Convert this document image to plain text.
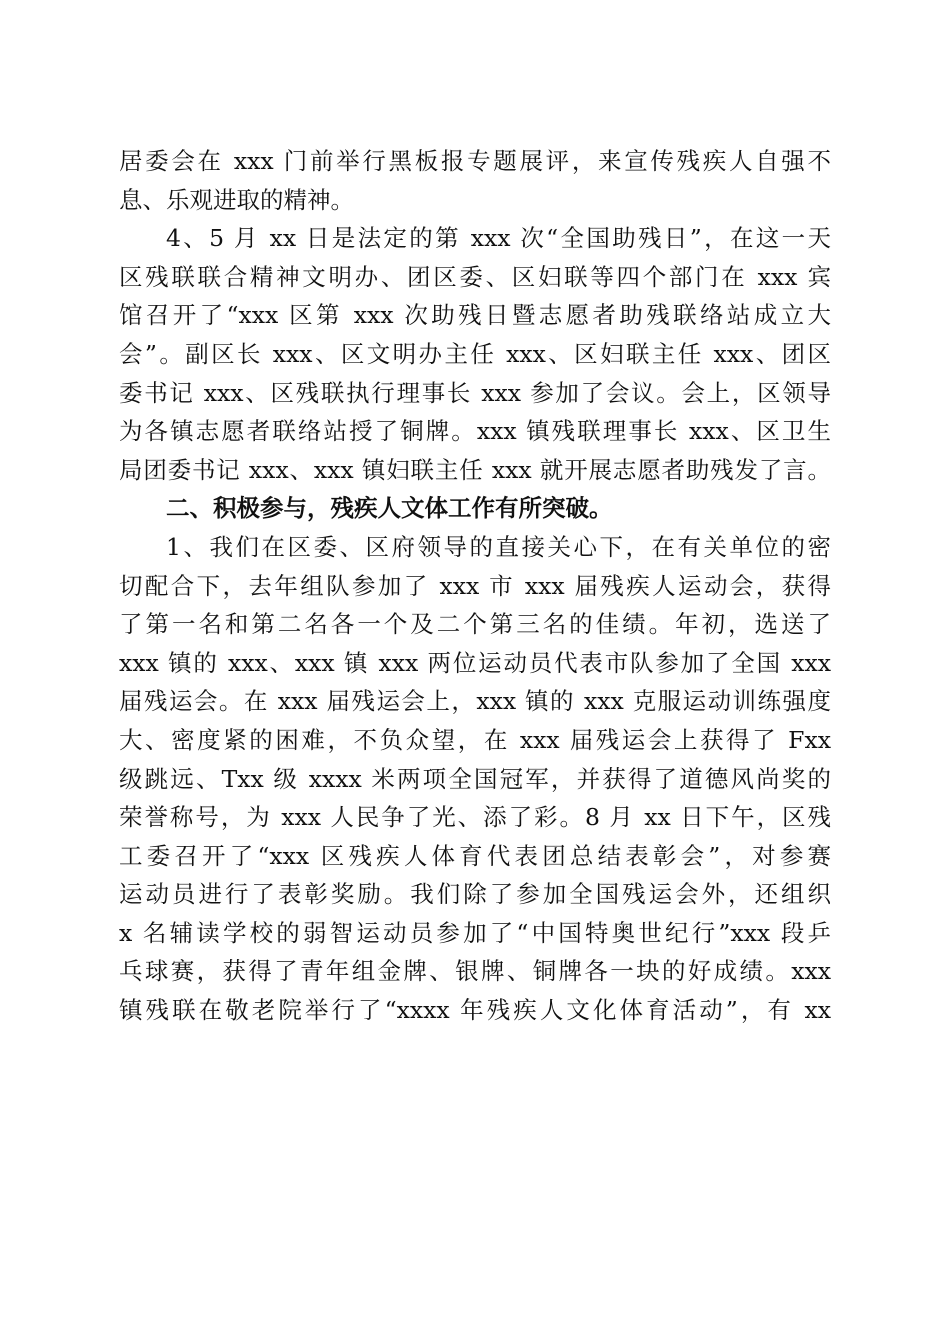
居委会在 xxx 门前举行黑板报专题展评，来宣传残疾人自强不
息、乐观进取的精神。
4、5 月 xx 日是法定的第 xxx 次“全国助残日”，在这一天
区残联联合精神文明办、团区委、区妇联等四个部门在 xxx 宾
馆召开了“xxx 区第 xxx 次助残日暨志愿者助残联络站成立大
会”。副区长 xxx、区文明办主任 xxx、区妇联主任 xxx、团区
委书记 xxx、区残联执行理事长 xxx 参加了会议。会上，区领导
为各镇志愿者联络站授了铜牌。xxx 镇残联理事长 xxx、区卫生
局团委书记 xxx、xxx 镇妇联主任 xxx 就开展志愿者助残发了言。
二、积极参与，残疾人文体工作有所突破。
1、我们在区委、区府领导的直接关心下，在有关单位的密
切配合下，去年组队参加了 xxx 市 xxx 届残疾人运动会，获得
了第一名和第二名各一个及二个第三名的佳绩。年初，选送了
xxx 镇的 xxx、xxx 镇 xxx 两位运动员代表市队参加了全国 xxx
届残运会。在 xxx 届残运会上，xxx 镇的 xxx 克服运动训练强度
大、密度紧的困难，不负众望，在 xxx 届残运会上获得了 Fxx
级跳远、Txx 级 xxxx 米两项全国冠军，并获得了道德风尚奖的
荣誉称号，为 xxx 人民争了光、添了彩。8 月 xx 日下午，区残
工委召开了“xxx 区残疾人体育代表团总结表彰会”，对参赛
运动员进行了表彰奖励。我们除了参加全国残运会外，还组织
x 名辅读学校的弱智运动员参加了“中国特奥世纪行”xxx 段乒
乓球赛，获得了青年组金牌、银牌、铜牌各一块的好成绩。xxx
镇残联在敬老院举行了“xxxx 年残疾人文化体育活动”，有 xx
